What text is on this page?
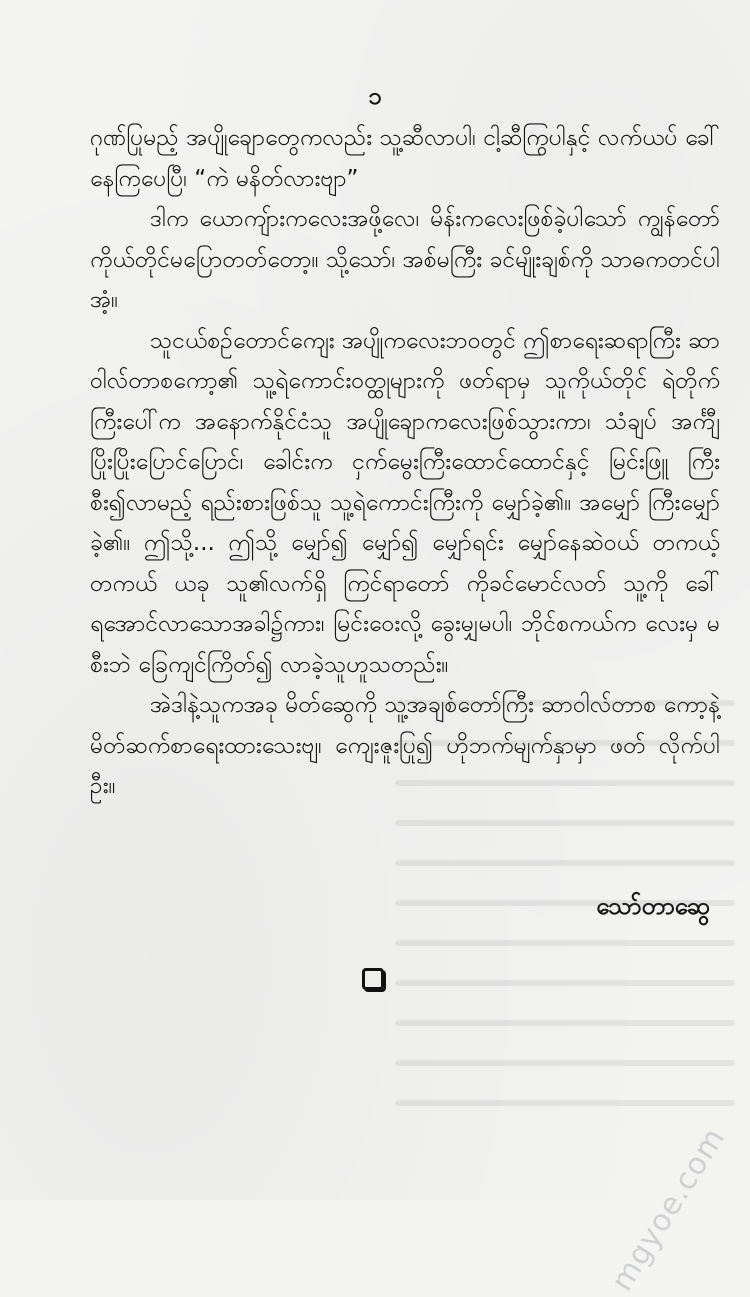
၁

ဂုဏ်ပြုမည့် အပျိုချောတွေကလည်း သူ့ဆီလာပါ၊ ငါ့ဆီကြွပါနှင့် လက်ယပ် ခေါ်နေကြပေပြီ၊ “ကဲ မနိတ်လားဗျာ”

ဒါက ယောကျ်ားကလေးအဖို့လေ၊ မိန်းကလေးဖြစ်ခဲ့ပါသော် ကျွန်တော်ကိုယ်တိုင်မပြောတတ်တော့။ သို့သော်၊ အစ်မကြီး ခင်မျိုးချစ်ကို သာဓကတင်ပါအံ့။

သူငယ်စဉ်တောင်ကျေး အပျိုကလေးဘဝတွင် ဤစာရေးဆရာကြီး ဆာဝါလ်တာစကော့၏ သူ့ရဲကောင်းဝတ္ထုများကို ဖတ်ရာမှ သူကိုယ်တိုင် ရဲတိုက်ကြီးပေါ်က အနောက်နိုင်ငံသူ အပျိုချောကလေးဖြစ်သွားကာ၊ သံချပ် အင်္ကျီ ပြိုးပြိုးပြောင်ပြောင်၊ ခေါင်းက ငှက်မွေးကြီးထောင်ထောင်နှင့် မြင်းဖြူ ကြီးစီး၍လာမည့် ရည်းစားဖြစ်သူ သူ့ရဲကောင်းကြီးကို မျှော်ခဲ့၏။ အမျှော် ကြီးမျှော်ခဲ့၏။ ဤသို့... ဤသို့ မျှော်၍ မျှော်၍ မျှော်ရင်း မျှော်နေဆဲဝယ် တကယ့်တကယ် ယခု သူ၏လက်ရှိ ကြင်ရာတော် ကိုခင်မောင်လတ် သူ့ကို ခေါ်ရအောင်လာသောအခါ၌ကား၊ မြင်းဝေးလို့ ခွေးမျှမပါ၊ ဘိုင်စကယ်က လေးမှ မစီးဘဲ ခြေကျင်ကြိတ်၍ လာခဲ့သူဟူသတည်း။

အဲဒါနဲ့သူကအခု မိတ်ဆွေကို သူ့အချစ်တော်ကြီး ဆာဝါလ်တာစ ကော့နဲ့ မိတ်ဆက်စာရေးထားသေးဗျ၊ ကျေးဇူးပြု၍ ဟိုဘက်မျက်နှာမှာ ဖတ် လိုက်ပါဦး။

သော်တာဆွေ
mgyoe.com
